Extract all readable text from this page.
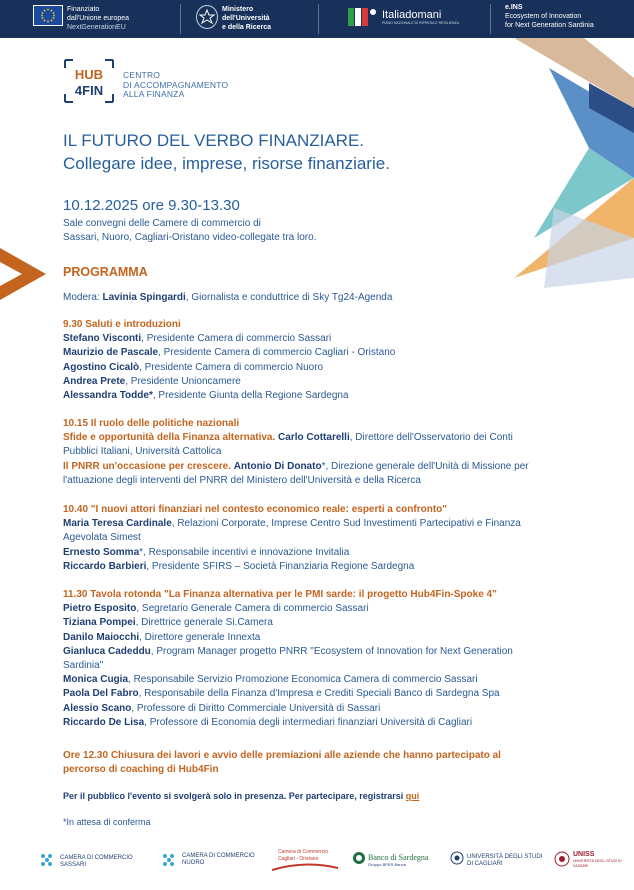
Finanziato
dall'Unione europea
NextGenerationEU
Ministero
dell'Università
e della Ricerca
Italiadomani
PIANO NAZIONALE DI RIPRESA E RESILIENZA
e.INS
Ecosystem of Innovation
for Next Generation Sardinia
HUB
4FIN
CENTRO
DI ACCOMPAGNAMENTO
ALLA FINANZA
IL FUTURO DEL VERBO FINANZIARE.
Collegare idee, imprese, risorse finanziarie.
10.12.2025 ore 9.30-13.30
Sale convegni delle Camere di commercio di
Sassari, Nuoro, Cagliari-Oristano video-collegate tra loro.
PROGRAMMA
Modera: Lavinia Spingardi, Giornalista e conduttrice di Sky Tg24-Agenda
9.30 Saluti e introduzioni
Stefano Visconti, Presidente Camera di commercio Sassari
Maurizio de Pascale, Presidente Camera di commercio Cagliari - Oristano
Agostino Cicalò, Presidente Camera di commercio Nuoro
Andrea Prete, Presidente Unioncamere
Alessandra Todde*, Presidente Giunta della Regione Sardegna
10.15 Il ruolo delle politiche nazionali
Sfide e opportunità della Finanza alternativa. Carlo Cottarelli, Direttore dell'Osservatorio dei Conti
Pubblici Italiani, Università Cattolica
Il PNRR un'occasione per crescere. Antonio Di Donato*, Direzione generale dell'Unità di Missione per
l'attuazione degli interventi del PNRR del Ministero dell'Università e della Ricerca
10.40 "I nuovi attori finanziari nel contesto economico reale: esperti a confronto"
Maria Teresa Cardinale, Relazioni Corporate, Imprese Centro Sud Investimenti Partecipativi e Finanza
Agevolata Simest
Ernesto Somma*, Responsabile incentivi e innovazione Invitalia
Riccardo Barbieri, Presidente SFIRS – Società Finanziaria Regione Sardegna
11.30 Tavola rotonda "La Finanza alternativa per le PMI sarde: il progetto Hub4Fin-Spoke 4"
Pietro Esposito, Segretario Generale Camera di commercio Sassari
Tiziana Pompei, Direttrice generale Si.Camera
Danilo Maiocchi, Direttore generale Innexta
Gianluca Cadeddu, Program Manager progetto PNRR "Ecosystem of Innovation for Next Generation
Sardinia"
Monica Cugia, Responsabile Servizio Promozione Economica Camera di commercio Sassari
Paola Del Fabro, Responsabile della Finanza d'Impresa e Crediti Speciali Banco di Sardegna Spa
Alessio Scano, Professore di Diritto Commerciale Università di Sassari
Riccardo De Lisa, Professore di Economia degli intermediari finanziari Università di Cagliari
Ore 12.30 Chiusura dei lavori e avvio delle premiazioni alle aziende che hanno partecipato al
percorso di coaching di Hub4Fin
Per il pubblico l'evento si svolgerà solo in presenza. Per partecipare, registrarsi qui
*In attesa di conferma
CAMERA DI COMMERCIO
SASSARI
CAMERA DI COMMERCIO
NUORO
Camera di Commercio
Cagliari - Oristano	Banco di Sardegna
Gruppo BPER Banca
UNIVERSITÀ DEGLI STUDI
DI CAGLIARI
UNISS
UNIVERSITÀ DEGLI STUDI DI SASSARI
